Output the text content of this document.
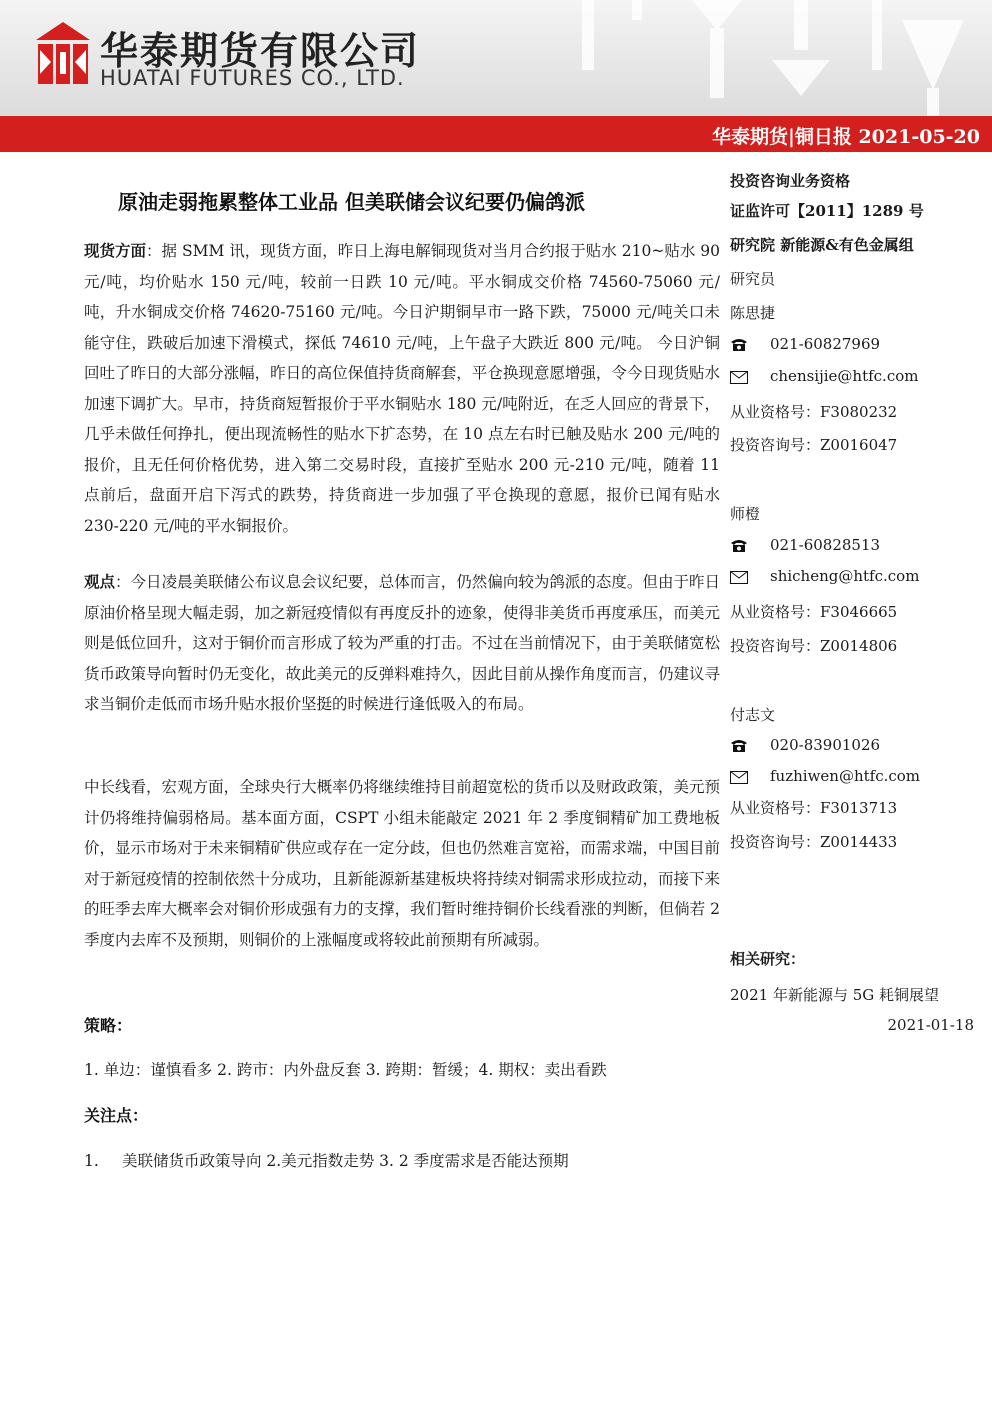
华泰期货有限公司
HUATAI FUTURES CO., LTD.
华泰期货|铜日报 2021-05-20
原油走弱拖累整体工业品 但美联储会议纪要仍偏鸽派
现货方面：据 SMM 讯，现货方面，昨日上海电解铜现货对当月合约报于贴水 210~贴水 90 元/吨，均价贴水 150 元/吨，较前一日跌 10 元/吨。平水铜成交价格 74560-75060 元/吨，升水铜成交价格 74620-75160 元/吨。今日沪期铜早市一路下跌，75000 元/吨关口未能守住，跌破后加速下滑模式，探低 74610 元/吨，上午盘子大跌近 800 元/吨。 今日沪铜回吐了昨日的大部分涨幅，昨日的高位保值持货商解套，平仓换现意愿增强，令今日现货贴水加速下调扩大。早市，持货商短暂报价于平水铜贴水 180 元/吨附近，在乏人回应的背景下，几乎未做任何挣扎，便出现流畅性的贴水下扩态势，在 10 点左右时已触及贴水 200 元/吨的报价，且无任何价格优势，进入第二交易时段，直接扩至贴水 200 元-210 元/吨，随着 11 点前后，盘面开启下泻式的跌势，持货商进一步加强了平仓换现的意愿，报价已闻有贴水 230-220 元/吨的平水铜报价。
观点：今日凌晨美联储公布议息会议纪要，总体而言，仍然偏向较为鸽派的态度。但由于昨日原油价格呈现大幅走弱，加之新冠疫情似有再度反扑的迹象，使得非美货币再度承压，而美元则是低位回升，这对于铜价而言形成了较为严重的打击。不过在当前情况下，由于美联储宽松货币政策导向暂时仍无变化，故此美元的反弹料难持久，因此目前从操作角度而言，仍建议寻求当铜价走低而市场升贴水报价坚挺的时候进行逢低吸入的布局。
中长线看，宏观方面，全球央行大概率仍将继续维持目前超宽松的货币以及财政政策，美元预计仍将维持偏弱格局。基本面方面，CSPT 小组未能敲定 2021 年 2 季度铜精矿加工费地板价，显示市场对于未来铜精矿供应或存在一定分歧，但也仍然难言宽裕，而需求端，中国目前对于新冠疫情的控制依然十分成功，且新能源新基建板块将持续对铜需求形成拉动，而接下来的旺季去库大概率会对铜价形成强有力的支撑，我们暂时维持铜价长线看涨的判断，但倘若 2 季度内去库不及预期，则铜价的上涨幅度或将较此前预期有所减弱。
策略：
1. 单边：谨慎看多 2. 跨市：内外盘反套 3. 跨期：暂缓；4. 期权：卖出看跌
关注点：
1. 美联储货币政策导向 2.美元指数走势 3. 2 季度需求是否能达预期
投资咨询业务资格
证监许可【2011】1289 号
研究院 新能源&有色金属组
研究员
陈思捷
021-60827969
chensijie@htfc.com
从业资格号：F3080232
投资咨询号：Z0016047
师橙
021-60828513
shicheng@htfc.com
从业资格号：F3046665
投资咨询号：Z0014806
付志文
020-83901026
fuzhiwen@htfc.com
从业资格号：F3013713
投资咨询号：Z0014433
相关研究：
2021 年新能源与 5G 耗铜展望
2021-01-18
